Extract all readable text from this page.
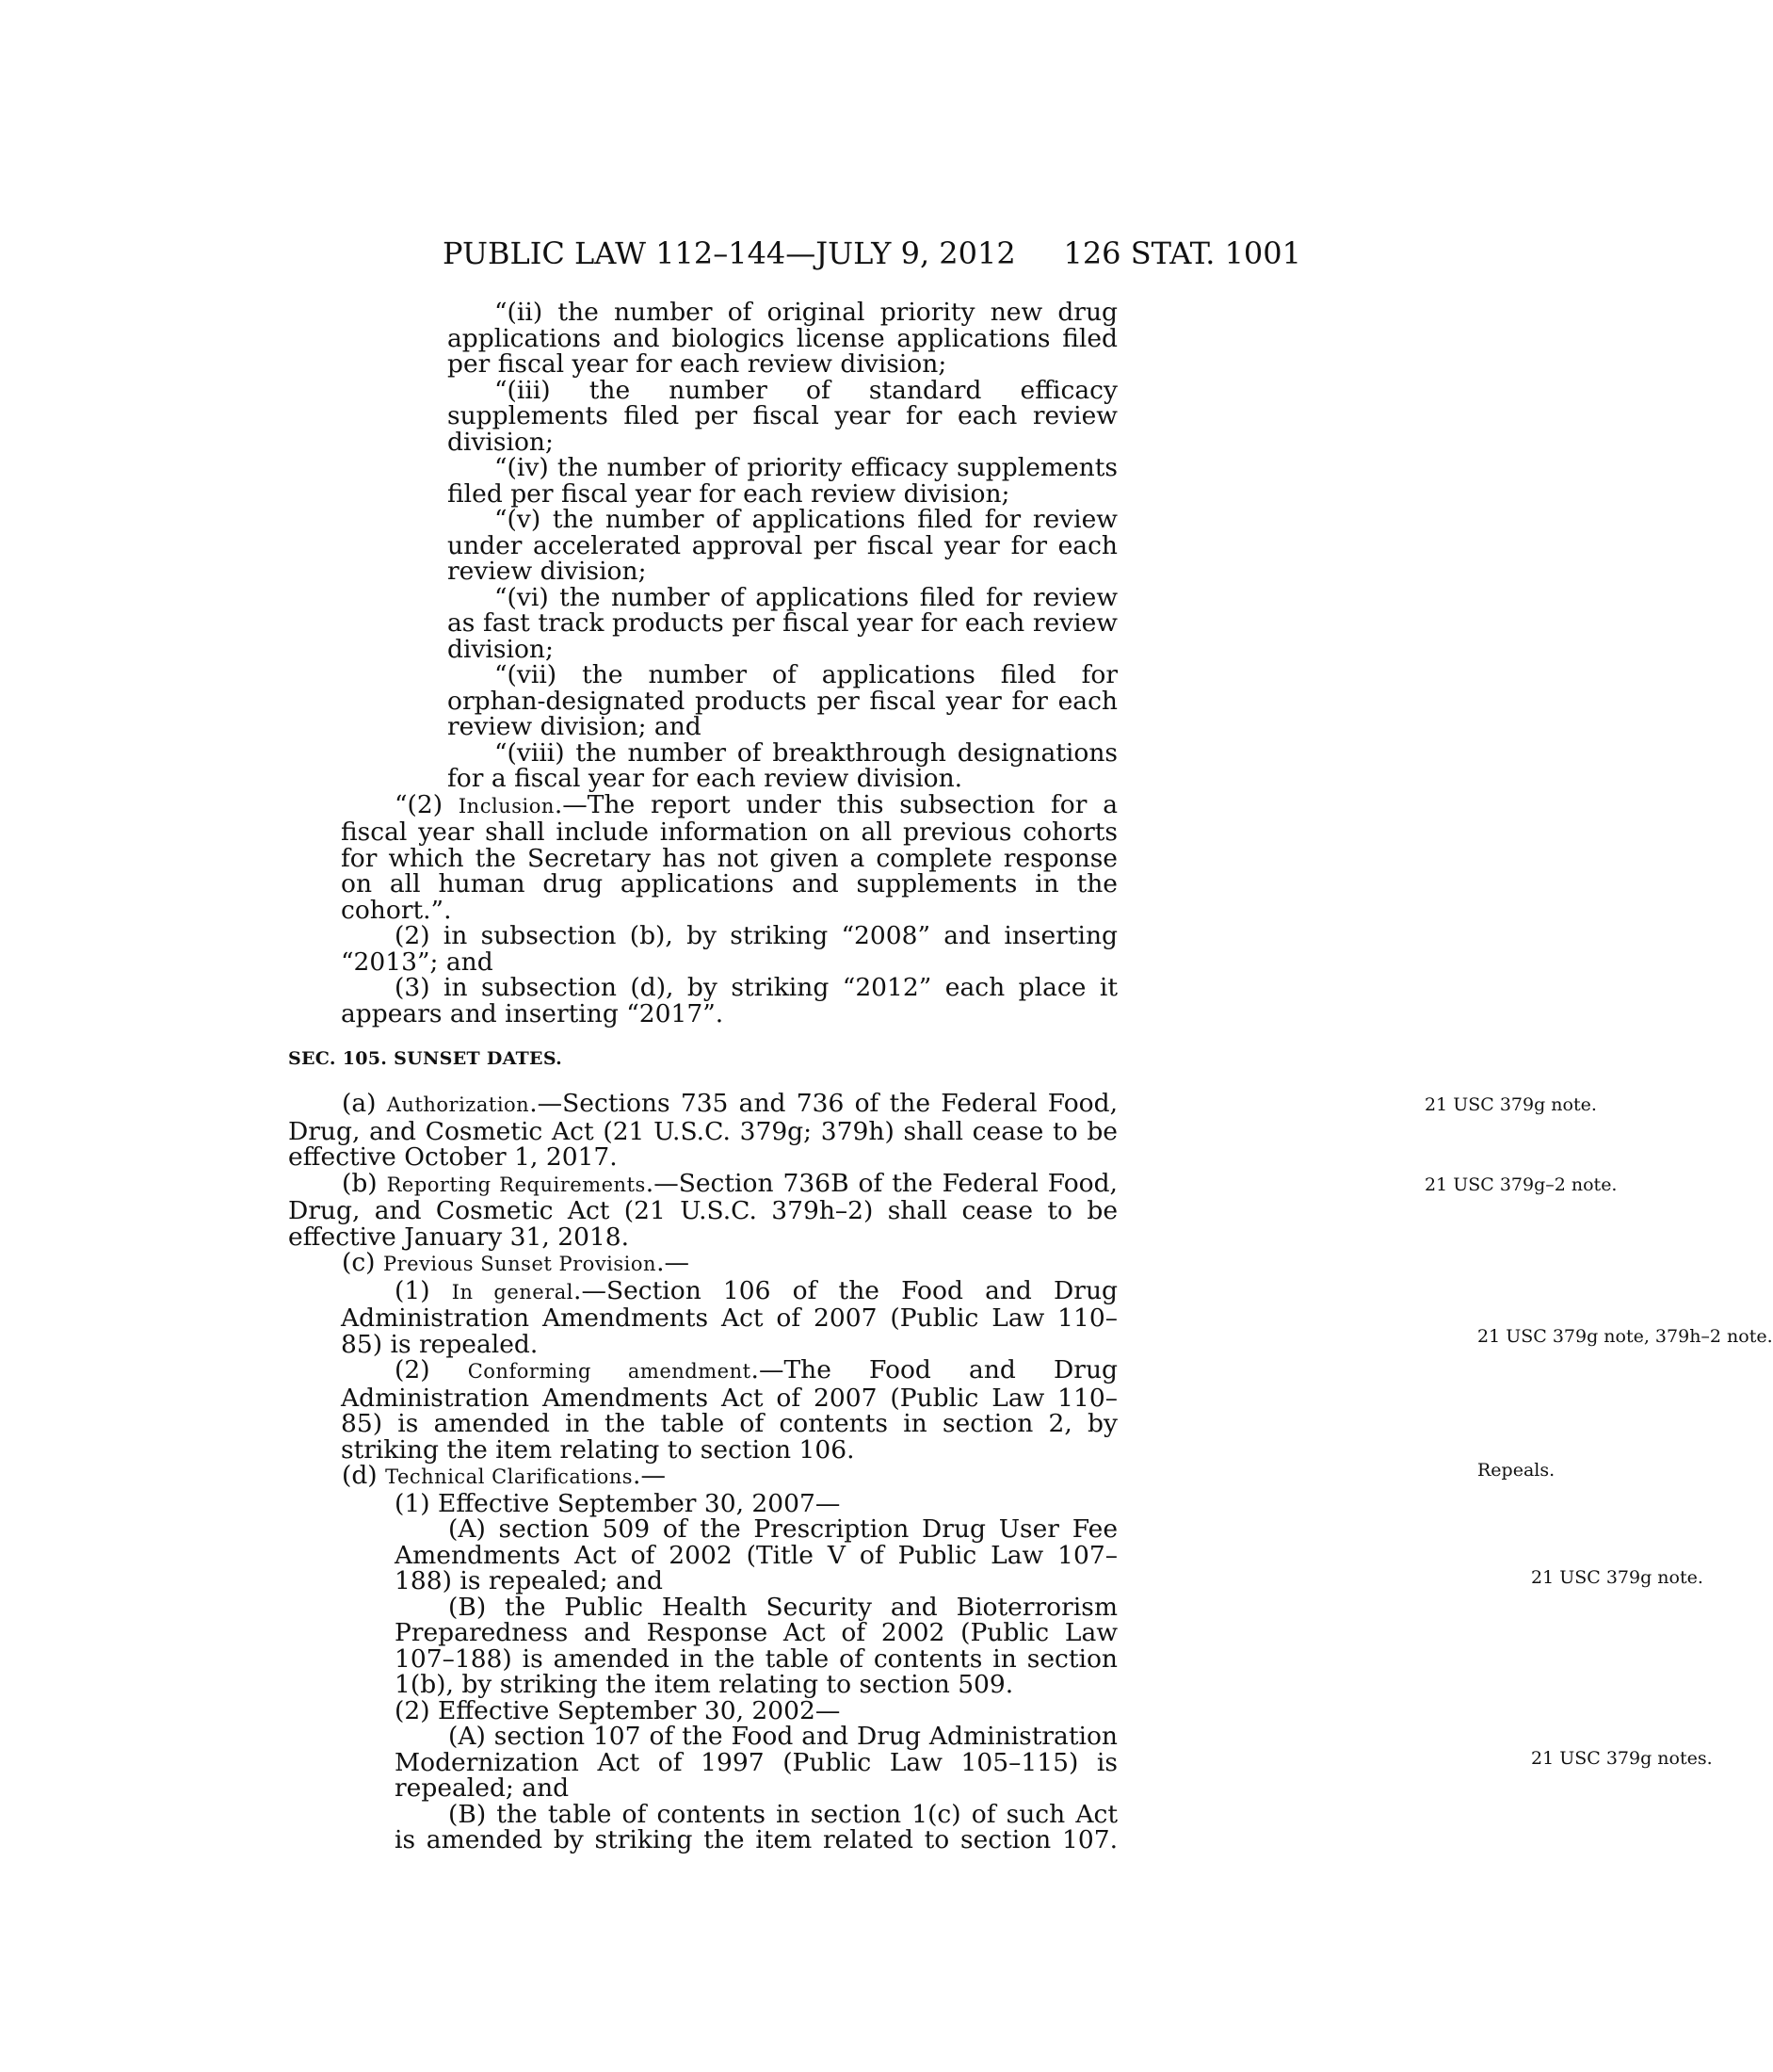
PUBLIC LAW 112–144—JULY 9, 2012 126 STAT. 1001

“(ii) the number of original priority new drug applications and biologics license applications filed per fiscal year for each review division;

“(iii) the number of standard efficacy supplements filed per fiscal year for each review division;

“(iv) the number of priority efficacy supplements filed per fiscal year for each review division;

“(v) the number of applications filed for review under accelerated approval per fiscal year for each review division;

“(vi) the number of applications filed for review as fast track products per fiscal year for each review division;

“(vii) the number of applications filed for orphan-designated products per fiscal year for each review division; and

“(viii) the number of breakthrough designations for a fiscal year for each review division.

“(2) Inclusion.—The report under this subsection for a fiscal year shall include information on all previous cohorts for which the Secretary has not given a complete response on all human drug applications and supplements in the cohort.”.

(2) in subsection (b), by striking “2008” and inserting “2013”; and

(3) in subsection (d), by striking “2012” each place it appears and inserting “2017”.

SEC. 105. SUNSET DATES.

(a) Authorization.—Sections 735 and 736 of the Federal Food, Drug, and Cosmetic Act (21 U.S.C. 379g; 379h) shall cease to be effective October 1, 2017.
21 USC 379g note.

(b) Reporting Requirements.—Section 736B of the Federal Food, Drug, and Cosmetic Act (21 U.S.C. 379h–2) shall cease to be effective January 31, 2018.
21 USC 379g–2 note.

(c) Previous Sunset Provision.—

(1) In general.—Section 106 of the Food and Drug Administration Amendments Act of 2007 (Public Law 110–85) is repealed.	21 USC 379g note, 379h–2 note.

(2) Conforming amendment.—The Food and Drug Administration Amendments Act of 2007 (Public Law 110–85) is amended in the table of contents in section 2, by striking the item relating to section 106.
Repeals.

(d) Technical Clarifications.—

(1) Effective September 30, 2007—

(A) section 509 of the Prescription Drug User Fee Amendments Act of 2002 (Title V of Public Law 107–188) is repealed; and	21 USC 379g note.

(B) the Public Health Security and Bioterrorism Preparedness and Response Act of 2002 (Public Law 107–188) is amended in the table of contents in section 1(b), by striking the item relating to section 509.

(2) Effective September 30, 2002—

(A) section 107 of the Food and Drug Administration Modernization Act of 1997 (Public Law 105–115) is repealed; and
21 USC 379g notes.

(B) the table of contents in section 1(c) of such Act is amended by striking the item related to section 107.
